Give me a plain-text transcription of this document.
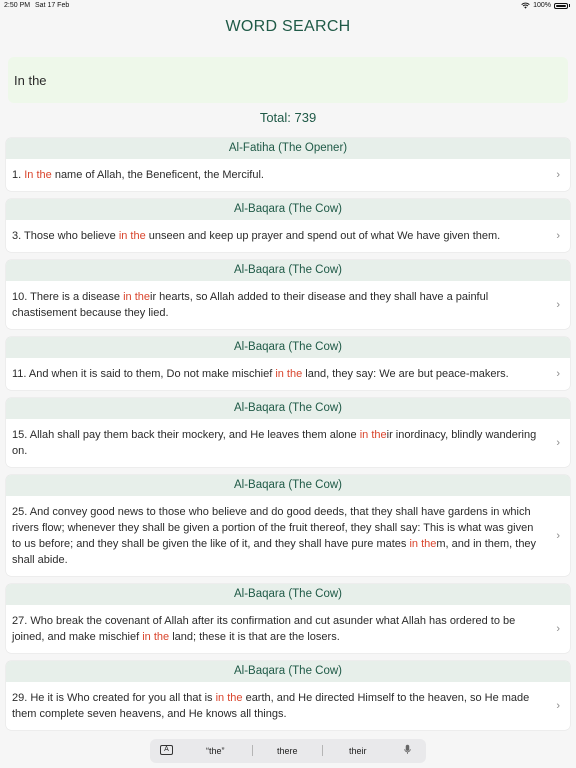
2:50 PM Sat 17 Feb	100%
WORD SEARCH
In the
Total: 739
Al-Fatiha (The Opener)
1. In the name of Allah, the Beneficent, the Merciful.	›
Al-Baqara (The Cow)
3. Those who believe in the unseen and keep up prayer and spend out of what We have given them.	›
Al-Baqara (The Cow)
10. There is a disease in their hearts, so Allah added to their disease and they shall have a painful chastisement because they lied.
›
Al-Baqara (The Cow)
11. And when it is said to them, Do not make mischief in the land, they say: We are but peace-makers.	›
Al-Baqara (The Cow)
15. Allah shall pay them back their mockery, and He leaves them alone in their inordinacy, blindly wandering on.
›
Al-Baqara (The Cow)
25. And convey good news to those who believe and do good deeds, that they shall have gardens in which rivers flow; whenever they shall be given a portion of the fruit thereof, they shall say: This is what was given to us before; and they shall be given the like of it, and they shall have pure mates in them, and in them, they shall abide.
›
Al-Baqara (The Cow)
27. Who break the covenant of Allah after its confirmation and cut asunder what Allah has ordered to be joined, and make mischief in the land; these it is that are the losers.
›
Al-Baqara (The Cow)
29. He it is Who created for you all that is in the earth, and He directed Himself to the heaven, so He made them complete seven heavens, and He knows all things.
›
A	“the”	there	their
